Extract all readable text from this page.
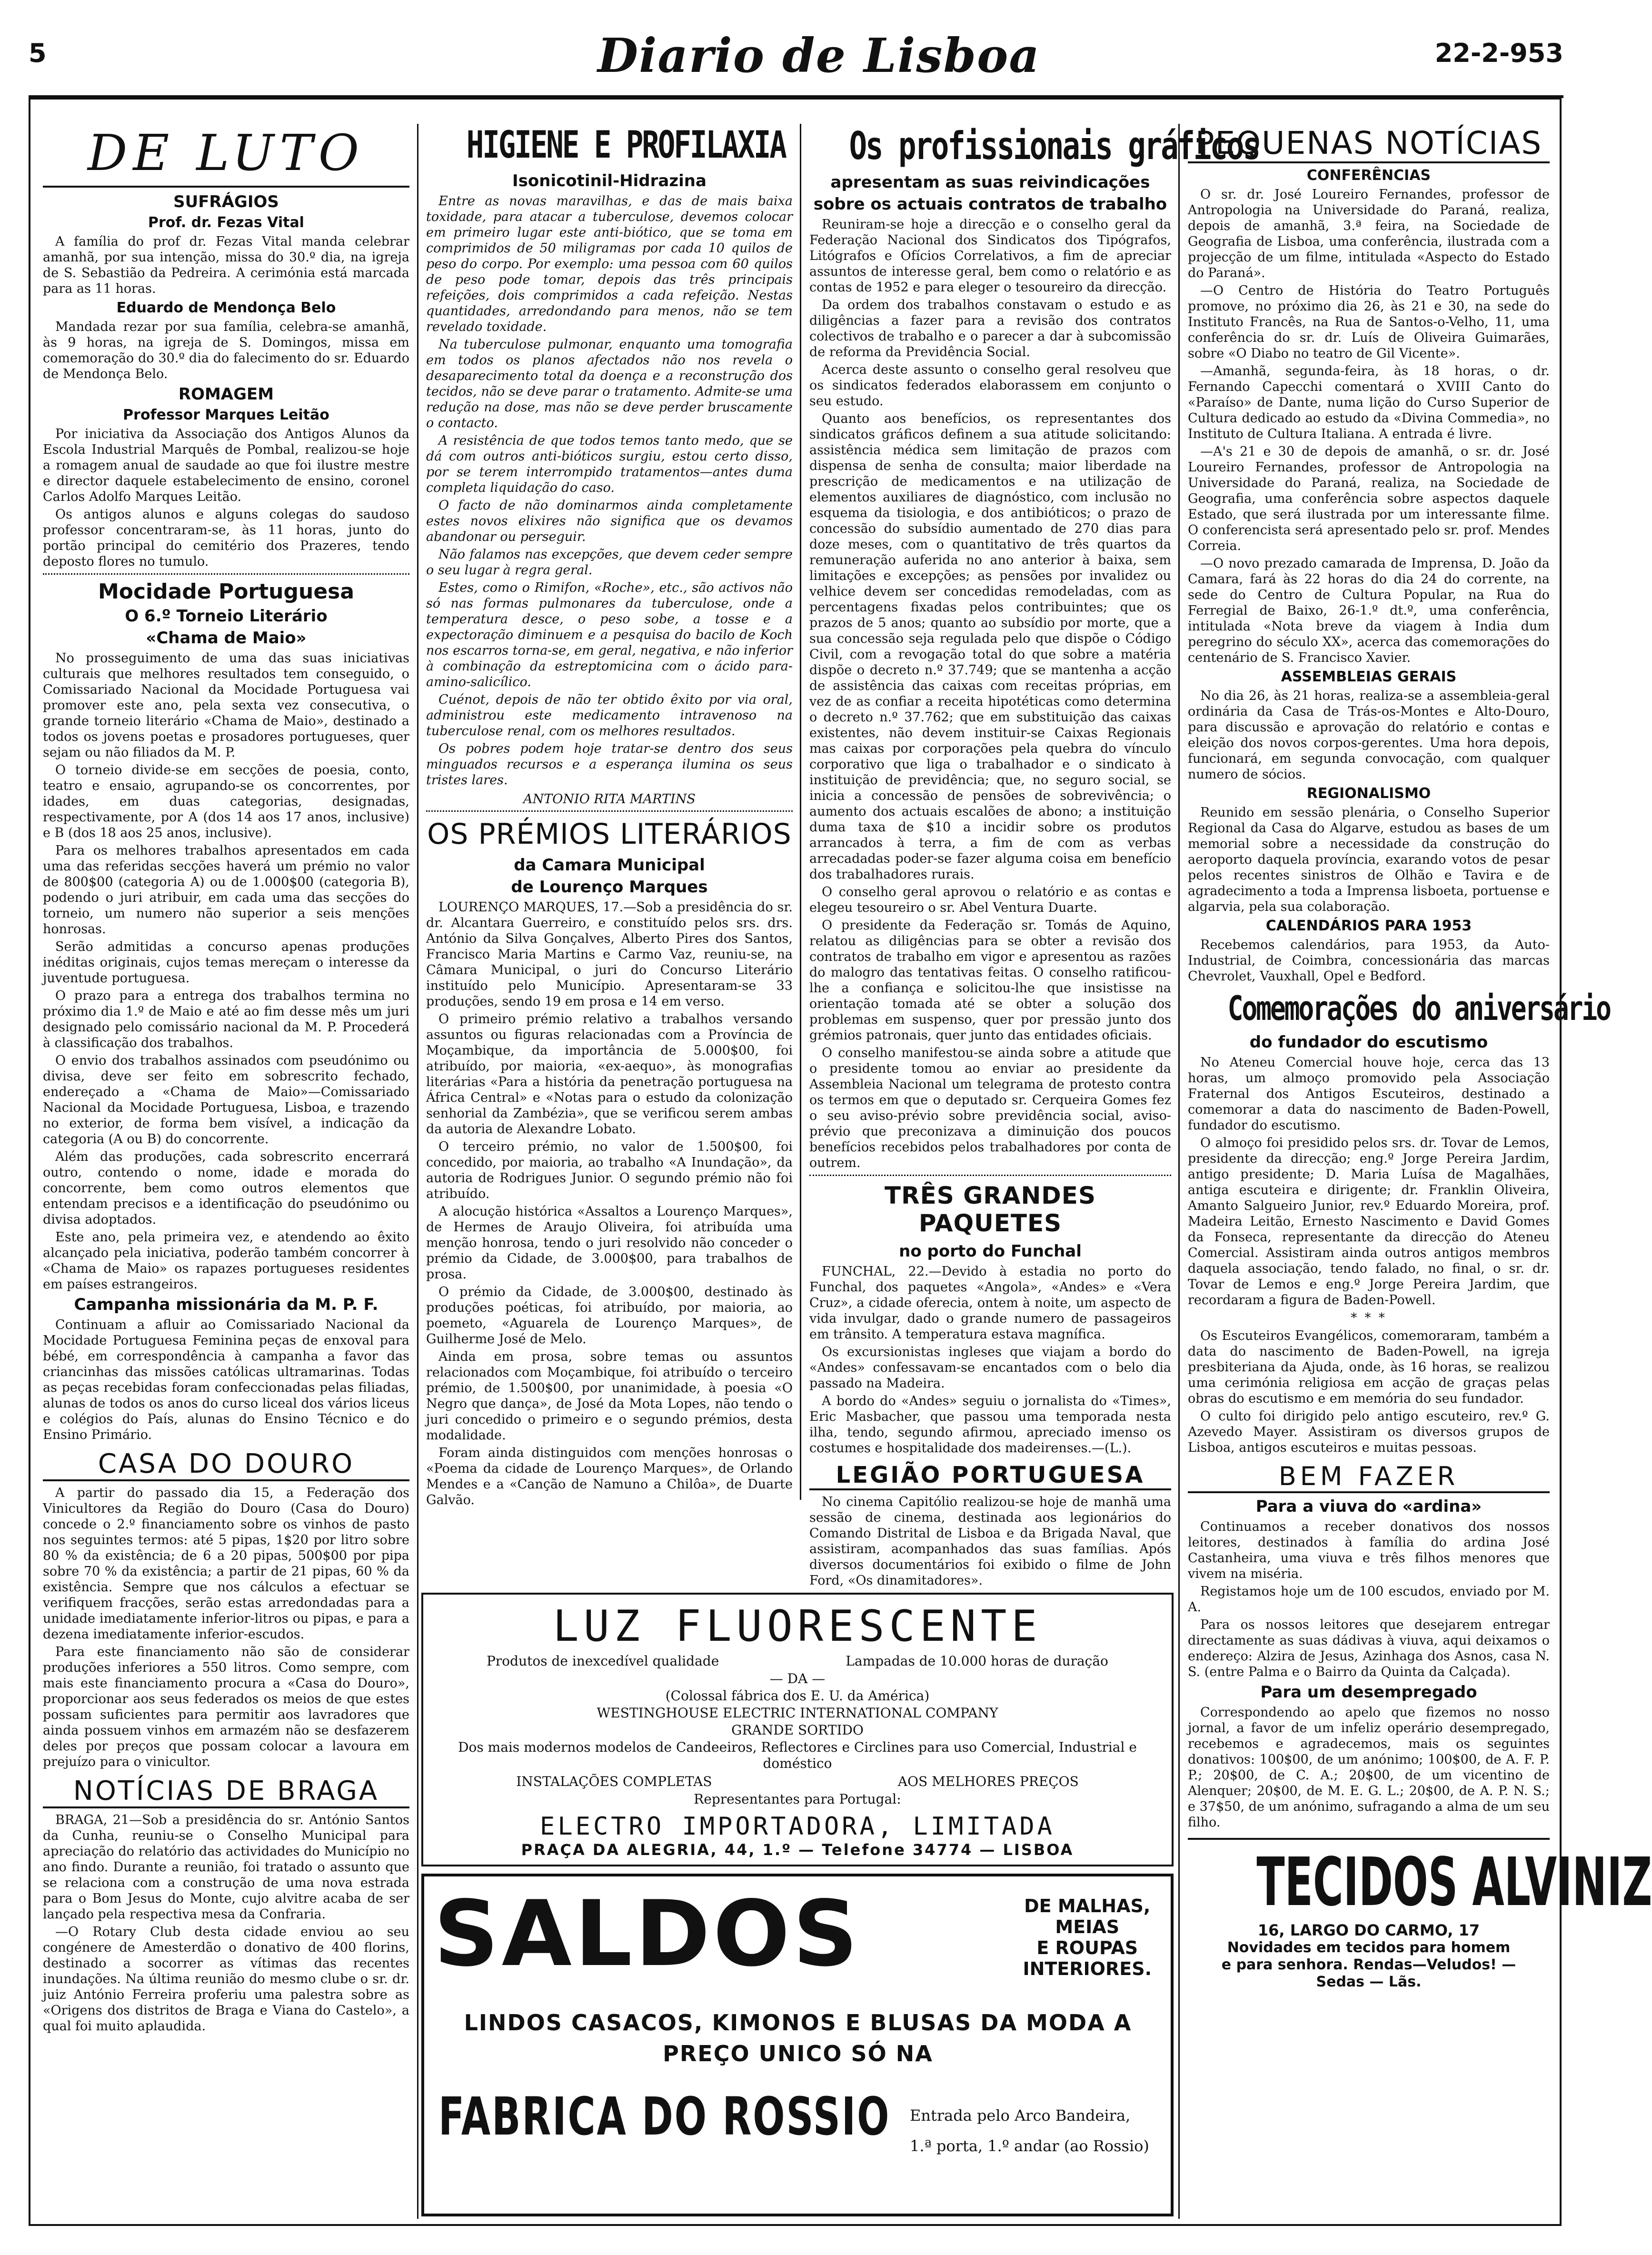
5	Diario de Lisboa	22-2-953
DE LUTO
SUFRÁGIOS
Prof. dr. Fezas Vital

A família do prof dr. Fezas Vital manda celebrar amanhã, por sua intenção, missa do 30.º dia, na igreja de S. Sebastião da Pedreira. A cerimónia está marcada para as 11 horas.

Eduardo de Mendonça Belo

Mandada rezar por sua família, celebra-se amanhã, às 9 horas, na igreja de S. Domingos, missa em comemoração do 30.º dia do falecimento do sr. Eduardo de Mendonça Belo.

ROMAGEM
Professor Marques Leitão

Por iniciativa da Associação dos Antigos Alunos da Escola Industrial Marquês de Pombal, realizou-se hoje a romagem anual de saudade ao que foi ilustre mestre e director daquele estabelecimento de ensino, coronel Carlos Adolfo Marques Leitão.

Os antigos alunos e alguns colegas do saudoso professor concentraram-se, às 11 horas, junto do portão principal do cemitério dos Prazeres, tendo deposto flores no tumulo.

Mocidade Portuguesa
O 6.º Torneio Literário
«Chama de Maio»

No prosseguimento de uma das suas iniciativas culturais que melhores resultados tem conseguido, o Comissariado Nacional da Mocidade Portuguesa vai promover este ano, pela sexta vez consecutiva, o grande torneio literário «Chama de Maio», destinado a todos os jovens poetas e prosadores portugueses, quer sejam ou não filiados da M. P.

O torneio divide-se em secções de poesia, conto, teatro e ensaio, agrupando-se os concorrentes, por idades, em duas categorias, designadas, respectivamente, por A (dos 14 aos 17 anos, inclusive) e B (dos 18 aos 25 anos, inclusive).

Para os melhores trabalhos apresentados em cada uma das referidas secções haverá um prémio no valor de 800$00 (categoria A) ou de 1.000$00 (categoria B), podendo o juri atribuir, em cada uma das secções do torneio, um numero não superior a seis menções honrosas.

Serão admitidas a concurso apenas produções inéditas originais, cujos temas mereçam o interesse da juventude portuguesa.

O prazo para a entrega dos trabalhos termina no próximo dia 1.º de Maio e até ao fim desse mês um juri designado pelo comissário nacional da M. P. Procederá à classificação dos trabalhos.

O envio dos trabalhos assinados com pseudónimo ou divisa, deve ser feito em sobrescrito fechado, endereçado a «Chama de Maio»—Comissariado Nacional da Mocidade Portuguesa, Lisboa, e trazendo no exterior, de forma bem visível, a indicação da categoria (A ou B) do concorrente.

Além das produções, cada sobrescrito encerrará outro, contendo o nome, idade e morada do concorrente, bem como outros elementos que entendam precisos e a identificação do pseudónimo ou divisa adoptados.

Este ano, pela primeira vez, e atendendo ao êxito alcançado pela iniciativa, poderão também concorrer à «Chama de Maio» os rapazes portugueses residentes em países estrangeiros.

Campanha missionária da M. P. F.

Continuam a afluir ao Comissariado Nacional da Mocidade Portuguesa Feminina peças de enxoval para bébé, em correspondência à campanha a favor das criancinhas das missões católicas ultramarinas. Todas as peças recebidas foram confeccionadas pelas filiadas, alunas de todos os anos do curso liceal dos vários liceus e colégios do País, alunas do Ensino Técnico e do Ensino Primário.

CASA DO DOURO

A partir do passado dia 15, a Federação dos Vinicultores da Região do Douro (Casa do Douro) concede o 2.º financiamento sobre os vinhos de pasto nos seguintes termos: até 5 pipas, 1$20 por litro sobre 80 % da existência; de 6 a 20 pipas, 500$00 por pipa sobre 70 % da existência; a partir de 21 pipas, 60 % da existência. Sempre que nos cálculos a efectuar se verifiquem fracções, serão estas arredondadas para a unidade imediatamente inferior-litros ou pipas, e para a dezena imediatamente inferior-escudos.

Para este financiamento não são de considerar produções inferiores a 550 litros. Como sempre, com mais este financiamento procura a «Casa do Douro», proporcionar aos seus federados os meios de que estes possam suficientes para permitir aos lavradores que ainda possuem vinhos em armazém não se desfazerem deles por preços que possam colocar a lavoura em prejuízo para o vinicultor.

NOTÍCIAS DE BRAGA

BRAGA, 21—Sob a presidência do sr. António Santos da Cunha, reuniu-se o Conselho Municipal para apreciação do relatório das actividades do Município no ano findo. Durante a reunião, foi tratado o assunto que se relaciona com a construção de uma nova estrada para o Bom Jesus do Monte, cujo alvitre acaba de ser lançado pela respectiva mesa da Confraria.

—O Rotary Club desta cidade enviou ao seu congénere de Amesterdão o donativo de 400 florins, destinado a socorrer as vítimas das recentes inundações. Na última reunião do mesmo clube o sr. dr. juiz António Ferreira proferiu uma palestra sobre as «Origens dos distritos de Braga e Viana do Castelo», a qual foi muito aplaudida.

HIGIENE E PROFILAXIA
Isonicotinil-Hidrazina

Entre as novas maravilhas, e das de mais baixa toxidade, para atacar a tuberculose, devemos colocar em primeiro lugar este anti-biótico, que se toma em comprimidos de 50 miligramas por cada 10 quilos de peso do corpo. Por exemplo: uma pessoa com 60 quilos de peso pode tomar, depois das três principais refeições, dois comprimidos a cada refeição. Nestas quantidades, arredondando para menos, não se tem revelado toxidade.

Na tuberculose pulmonar, enquanto uma tomografia em todos os planos afectados não nos revela o desaparecimento total da doença e a reconstrução dos tecidos, não se deve parar o tratamento. Admite-se uma redução na dose, mas não se deve perder bruscamente o contacto.

A resistência de que todos temos tanto medo, que se dá com outros anti-bióticos surgiu, estou certo disso, por se terem interrompido tratamentos—antes duma completa liquidação do caso.

O facto de não dominarmos ainda completamente estes novos elixires não significa que os devamos abandonar ou perseguir.

Não falamos nas excepções, que devem ceder sempre o seu lugar à regra geral.

Estes, como o Rimifon, «Roche», etc., são activos não só nas formas pulmonares da tuberculose, onde a temperatura desce, o peso sobe, a tosse e a expectoração diminuem e a pesquisa do bacilo de Koch nos escarros torna-se, em geral, negativa, e não inferior à combinação da estreptomicina com o ácido para-amino-salicílico.

Cuénot, depois de não ter obtido êxito por via oral, administrou este medicamento intravenoso na tuberculose renal, com os melhores resultados.

Os pobres podem hoje tratar-se dentro dos seus minguados recursos e a esperança ilumina os seus tristes lares.

ANTONIO RITA MARTINS
OS PRÉMIOS LITERÁRIOS
da Camara Municipal
de Lourenço Marques

LOURENÇO MARQUES, 17.—Sob a presidência do sr. dr. Alcantara Guerreiro, e constituído pelos srs. drs. António da Silva Gonçalves, Alberto Pires dos Santos, Francisco Maria Martins e Carmo Vaz, reuniu-se, na Câmara Municipal, o juri do Concurso Literário instituído pelo Município. Apresentaram-se 33 produções, sendo 19 em prosa e 14 em verso.

O primeiro prémio relativo a trabalhos versando assuntos ou figuras relacionadas com a Província de Moçambique, da importância de 5.000$00, foi atribuído, por maioria, «ex-aequo», às monografias literárias «Para a história da penetração portuguesa na África Central» e «Notas para o estudo da colonização senhorial da Zambézia», que se verificou serem ambas da autoria de Alexandre Lobato.

O terceiro prémio, no valor de 1.500$00, foi concedido, por maioria, ao trabalho «A Inundação», da autoria de Rodrigues Junior. O segundo prémio não foi atribuído.

A alocução histórica «Assaltos a Lourenço Marques», de Hermes de Araujo Oliveira, foi atribuída uma menção honrosa, tendo o juri resolvido não conceder o prémio da Cidade, de 3.000$00, para trabalhos de prosa.

O prémio da Cidade, de 3.000$00, destinado às produções poéticas, foi atribuído, por maioria, ao poemeto, «Aguarela de Lourenço Marques», de Guilherme José de Melo.

Ainda em prosa, sobre temas ou assuntos relacionados com Moçambique, foi atribuído o terceiro prémio, de 1.500$00, por unanimidade, à poesia «O Negro que dança», de José da Mota Lopes, não tendo o juri concedido o primeiro e o segundo prémios, desta modalidade.

Foram ainda distinguidos com menções honrosas o «Poema da cidade de Lourenço Marques», de Orlando Mendes e a «Canção de Namuno a Chilôa», de Duarte Galvão.

Os profissionais gráficos
apresentam as suas reivindicações
sobre os actuais contratos de trabalho

Reuniram-se hoje a direcção e o conselho geral da Federação Nacional dos Sindicatos dos Tipógrafos, Litógrafos e Ofícios Correlativos, a fim de apreciar assuntos de interesse geral, bem como o relatório e as contas de 1952 e para eleger o tesoureiro da direcção.

Da ordem dos trabalhos constavam o estudo e as diligências a fazer para a revisão dos contratos colectivos de trabalho e o parecer a dar à subcomissão de reforma da Previdência Social.

Acerca deste assunto o conselho geral resolveu que os sindicatos federados elaborassem em conjunto o seu estudo.

Quanto aos benefícios, os representantes dos sindicatos gráficos definem a sua atitude solicitando: assistência médica sem limitação de prazos com dispensa de senha de consulta; maior liberdade na prescrição de medicamentos e na utilização de elementos auxiliares de diagnóstico, com inclusão no esquema da tisiologia, e dos antibióticos; o prazo de concessão do subsídio aumentado de 270 dias para doze meses, com o quantitativo de três quartos da remuneração auferida no ano anterior à baixa, sem limitações e excepções; as pensões por invalidez ou velhice devem ser concedidas remodeladas, com as percentagens fixadas pelos contribuintes; que os prazos de 5 anos; quanto ao subsídio por morte, que a sua concessão seja regulada pelo que dispõe o Código Civil, com a revogação total do que sobre a matéria dispõe o decreto n.º 37.749; que se mantenha a acção de assistência das caixas com receitas próprias, em vez de as confiar a receita hipotéticas como determina o decreto n.º 37.762; que em substituição das caixas existentes, não devem instituir-se Caixas Regionais mas caixas por corporações pela quebra do vínculo corporativo que liga o trabalhador e o sindicato à instituição de previdência; que, no seguro social, se inicia a concessão de pensões de sobrevivência; o aumento dos actuais escalões de abono; a instituição duma taxa de $10 a incidir sobre os produtos arrancados à terra, a fim de com as verbas arrecadadas poder-se fazer alguma coisa em benefício dos trabalhadores rurais.

O conselho geral aprovou o relatório e as contas e elegeu tesoureiro o sr. Abel Ventura Duarte.

O presidente da Federação sr. Tomás de Aquino, relatou as diligências para se obter a revisão dos contratos de trabalho em vigor e apresentou as razões do malogro das tentativas feitas. O conselho ratificou-lhe a confiança e solicitou-lhe que insistisse na orientação tomada até se obter a solução dos problemas em suspenso, quer por pressão junto dos grémios patronais, quer junto das entidades oficiais.

O conselho manifestou-se ainda sobre a atitude que o presidente tomou ao enviar ao presidente da Assembleia Nacional um telegrama de protesto contra os termos em que o deputado sr. Cerqueira Gomes fez o seu aviso-prévio sobre previdência social, aviso-prévio que preconizava a diminuição dos poucos benefícios recebidos pelos trabalhadores por conta de outrem.

TRÊS GRANDES PAQUETES
no porto do Funchal

FUNCHAL, 22.—Devido à estadia no porto do Funchal, dos paquetes «Angola», «Andes» e «Vera Cruz», a cidade oferecia, ontem à noite, um aspecto de vida invulgar, dado o grande numero de passageiros em trânsito. A temperatura estava magnífica.

Os excursionistas ingleses que viajam a bordo do «Andes» confessavam-se encantados com o belo dia passado na Madeira.

A bordo do «Andes» seguiu o jornalista do «Times», Eric Masbacher, que passou uma temporada nesta ilha, tendo, segundo afirmou, apreciado imenso os costumes e hospitalidade dos madeirenses.—(L.).

LEGIÃO PORTUGUESA

No cinema Capitólio realizou-se hoje de manhã uma sessão de cinema, destinada aos legionários do Comando Distrital de Lisboa e da Brigada Naval, que assistiram, acompanhados das suas famílias. Após diversos documentários foi exibido o filme de John Ford, «Os dinamitadores».

PEQUENAS NOTÍCIAS
CONFERÊNCIAS

O sr. dr. José Loureiro Fernandes, professor de Antropologia na Universidade do Paraná, realiza, depois de amanhã, 3.ª feira, na Sociedade de Geografia de Lisboa, uma conferência, ilustrada com a projecção de um filme, intitulada «Aspecto do Estado do Paraná».

—O Centro de História do Teatro Português promove, no próximo dia 26, às 21 e 30, na sede do Instituto Francês, na Rua de Santos-o-Velho, 11, uma conferência do sr. dr. Luís de Oliveira Guimarães, sobre «O Diabo no teatro de Gil Vicente».

—Amanhã, segunda-feira, às 18 horas, o dr. Fernando Capecchi comentará o XVIII Canto do «Paraíso» de Dante, numa lição do Curso Superior de Cultura dedicado ao estudo da «Divina Commedia», no Instituto de Cultura Italiana. A entrada é livre.

—A's 21 e 30 de depois de amanhã, o sr. dr. José Loureiro Fernandes, professor de Antropologia na Universidade do Paraná, realiza, na Sociedade de Geografia, uma conferência sobre aspectos daquele Estado, que será ilustrada por um interessante filme. O conferencista será apresentado pelo sr. prof. Mendes Correia.

—O novo prezado camarada de Imprensa, D. João da Camara, fará às 22 horas do dia 24 do corrente, na sede do Centro de Cultura Popular, na Rua do Ferregial de Baixo, 26-1.º dt.º, uma conferência, intitulada «Nota breve da viagem à India dum peregrino do século XX», acerca das comemorações do centenário de S. Francisco Xavier.

ASSEMBLEIAS GERAIS

No dia 26, às 21 horas, realiza-se a assembleia-geral ordinária da Casa de Trás-os-Montes e Alto-Douro, para discussão e aprovação do relatório e contas e eleição dos novos corpos-gerentes. Uma hora depois, funcionará, em segunda convocação, com qualquer numero de sócios.

REGIONALISMO

Reunido em sessão plenária, o Conselho Superior Regional da Casa do Algarve, estudou as bases de um memorial sobre a necessidade da construção do aeroporto daquela província, exarando votos de pesar pelos recentes sinistros de Olhão e Tavira e de agradecimento a toda a Imprensa lisboeta, portuense e algarvia, pela sua colaboração.

CALENDÁRIOS PARA 1953

Recebemos calendários, para 1953, da Auto-Industrial, de Coimbra, concessionária das marcas Chevrolet, Vauxhall, Opel e Bedford.

Comemorações do aniversário
do fundador do escutismo

No Ateneu Comercial houve hoje, cerca das 13 horas, um almoço promovido pela Associação Fraternal dos Antigos Escuteiros, destinado a comemorar a data do nascimento de Baden-Powell, fundador do escutismo.

O almoço foi presidido pelos srs. dr. Tovar de Lemos, presidente da direcção; eng.º Jorge Pereira Jardim, antigo presidente; D. Maria Luísa de Magalhães, antiga escuteira e dirigente; dr. Franklin Oliveira, Amanto Salgueiro Junior, rev.º Eduardo Moreira, prof. Madeira Leitão, Ernesto Nascimento e David Gomes da Fonseca, representante da direcção do Ateneu Comercial. Assistiram ainda outros antigos membros daquela associação, tendo falado, no final, o sr. dr. Tovar de Lemos e eng.º Jorge Pereira Jardim, que recordaram a figura de Baden-Powell.

* * *

Os Escuteiros Evangélicos, comemoraram, também a data do nascimento de Baden-Powell, na igreja presbiteriana da Ajuda, onde, às 16 horas, se realizou uma cerimónia religiosa em acção de graças pelas obras do escutismo e em memória do seu fundador.

O culto foi dirigido pelo antigo escuteiro, rev.º G. Azevedo Mayer. Assistiram os diversos grupos de Lisboa, antigos escuteiros e muitas pessoas.

BEM FAZER
Para a viuva do «ardina»

Continuamos a receber donativos dos nossos leitores, destinados à família do ardina José Castanheira, uma viuva e três filhos menores que vivem na miséria.

Registamos hoje um de 100 escudos, enviado por M. A.

Para os nossos leitores que desejarem entregar directamente as suas dádivas à viuva, aqui deixamos o endereço: Alzira de Jesus, Azinhaga dos Asnos, casa N. S. (entre Palma e o Bairro da Quinta da Calçada).

Para um desempregado

Correspondendo ao apelo que fizemos no nosso jornal, a favor de um infeliz operário desempregado, recebemos e agradecemos, mais os seguintes donativos: 100$00, de um anónimo; 100$00, de A. F. P. P.; 20$00, de C. A.; 20$00, de um vicentino de Alenquer; 20$00, de M. E. G. L.; 20$00, de A. P. N. S.; e 37$50, de um anónimo, sufragando a alma de um seu filho.

TECIDOS ALVINIZ
16, LARGO DO CARMO, 17
Novidades em tecidos para homem
e para senhora. Rendas—Veludos! —
Sedas — Lãs.
LUZ FLUORESCENTE
Produtos de inexcedível qualidade	Lampadas de 10.000 horas de duração
— DA —
(Colossal fábrica dos E. U. da América)
WESTINGHOUSE ELECTRIC INTERNATIONAL COMPANY
GRANDE SORTIDO
Dos mais modernos modelos de Candeeiros, Reflectores e Circlines para uso Comercial, Industrial e doméstico
INSTALAÇÕES COMPLETAS	AOS MELHORES PREÇOS
Representantes para Portugal:
ELECTRO IMPORTADORA, LIMITADA
PRAÇA DA ALEGRIA, 44, 1.º — Telefone 34774 — LISBOA
SALDOS	DE MALHAS,
MEIAS
E ROUPAS
INTERIORES.
LINDOS CASACOS, KIMONOS E BLUSAS DA MODA A
PREÇO UNICO SÓ NA
FABRICA DO ROSSIO Entrada pelo Arco Bandeira,
1.ª porta, 1.º andar (ao Rossio)
